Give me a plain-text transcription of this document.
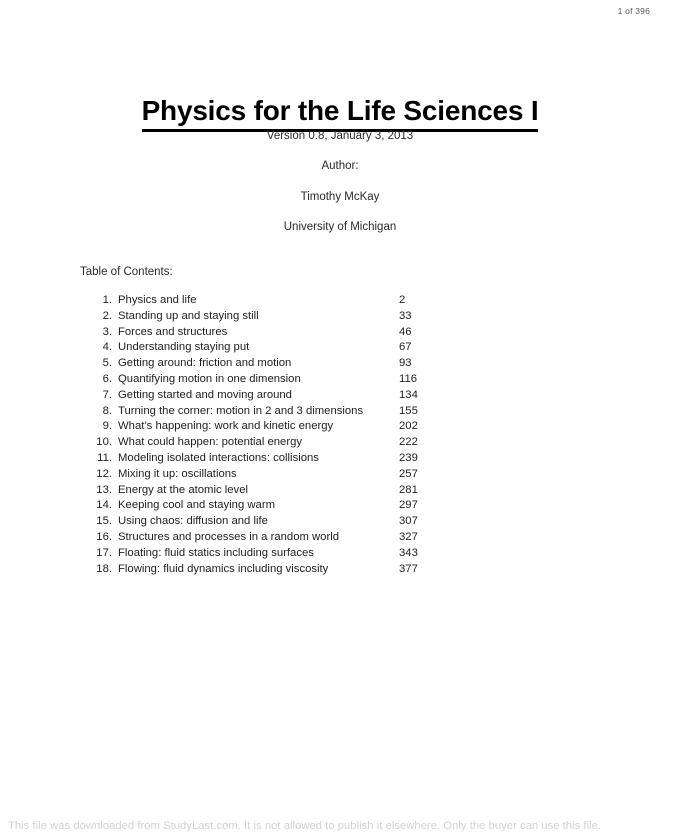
1 of 396
Physics for the Life Sciences I
Version 0.8, January 3, 2013
Author:
Timothy McKay
University of Michigan
Table of Contents:
1. Physics and life	2
2. Standing up and staying still	33
3. Forces and structures	46
4. Understanding staying put	67
5. Getting around: friction and motion	93
6. Quantifying motion in one dimension	116
7. Getting started and moving around	134
8. Turning the corner: motion in 2 and 3 dimensions	155
9. What’s happening: work and kinetic energy	202
10. What could happen: potential energy	222
11. Modeling isolated interactions: collisions	239
12. Mixing it up: oscillations	257
13. Energy at the atomic level	281
14. Keeping cool and staying warm	297
15. Using chaos: diffusion and life	307
16. Structures and processes in a random world	327
17. Floating: fluid statics including surfaces	343
18. Flowing: fluid dynamics including viscosity	377
This file was downloaded from StudyLast.com. It is not allowed to publish it elsewhere. Only the buyer can use this file.
